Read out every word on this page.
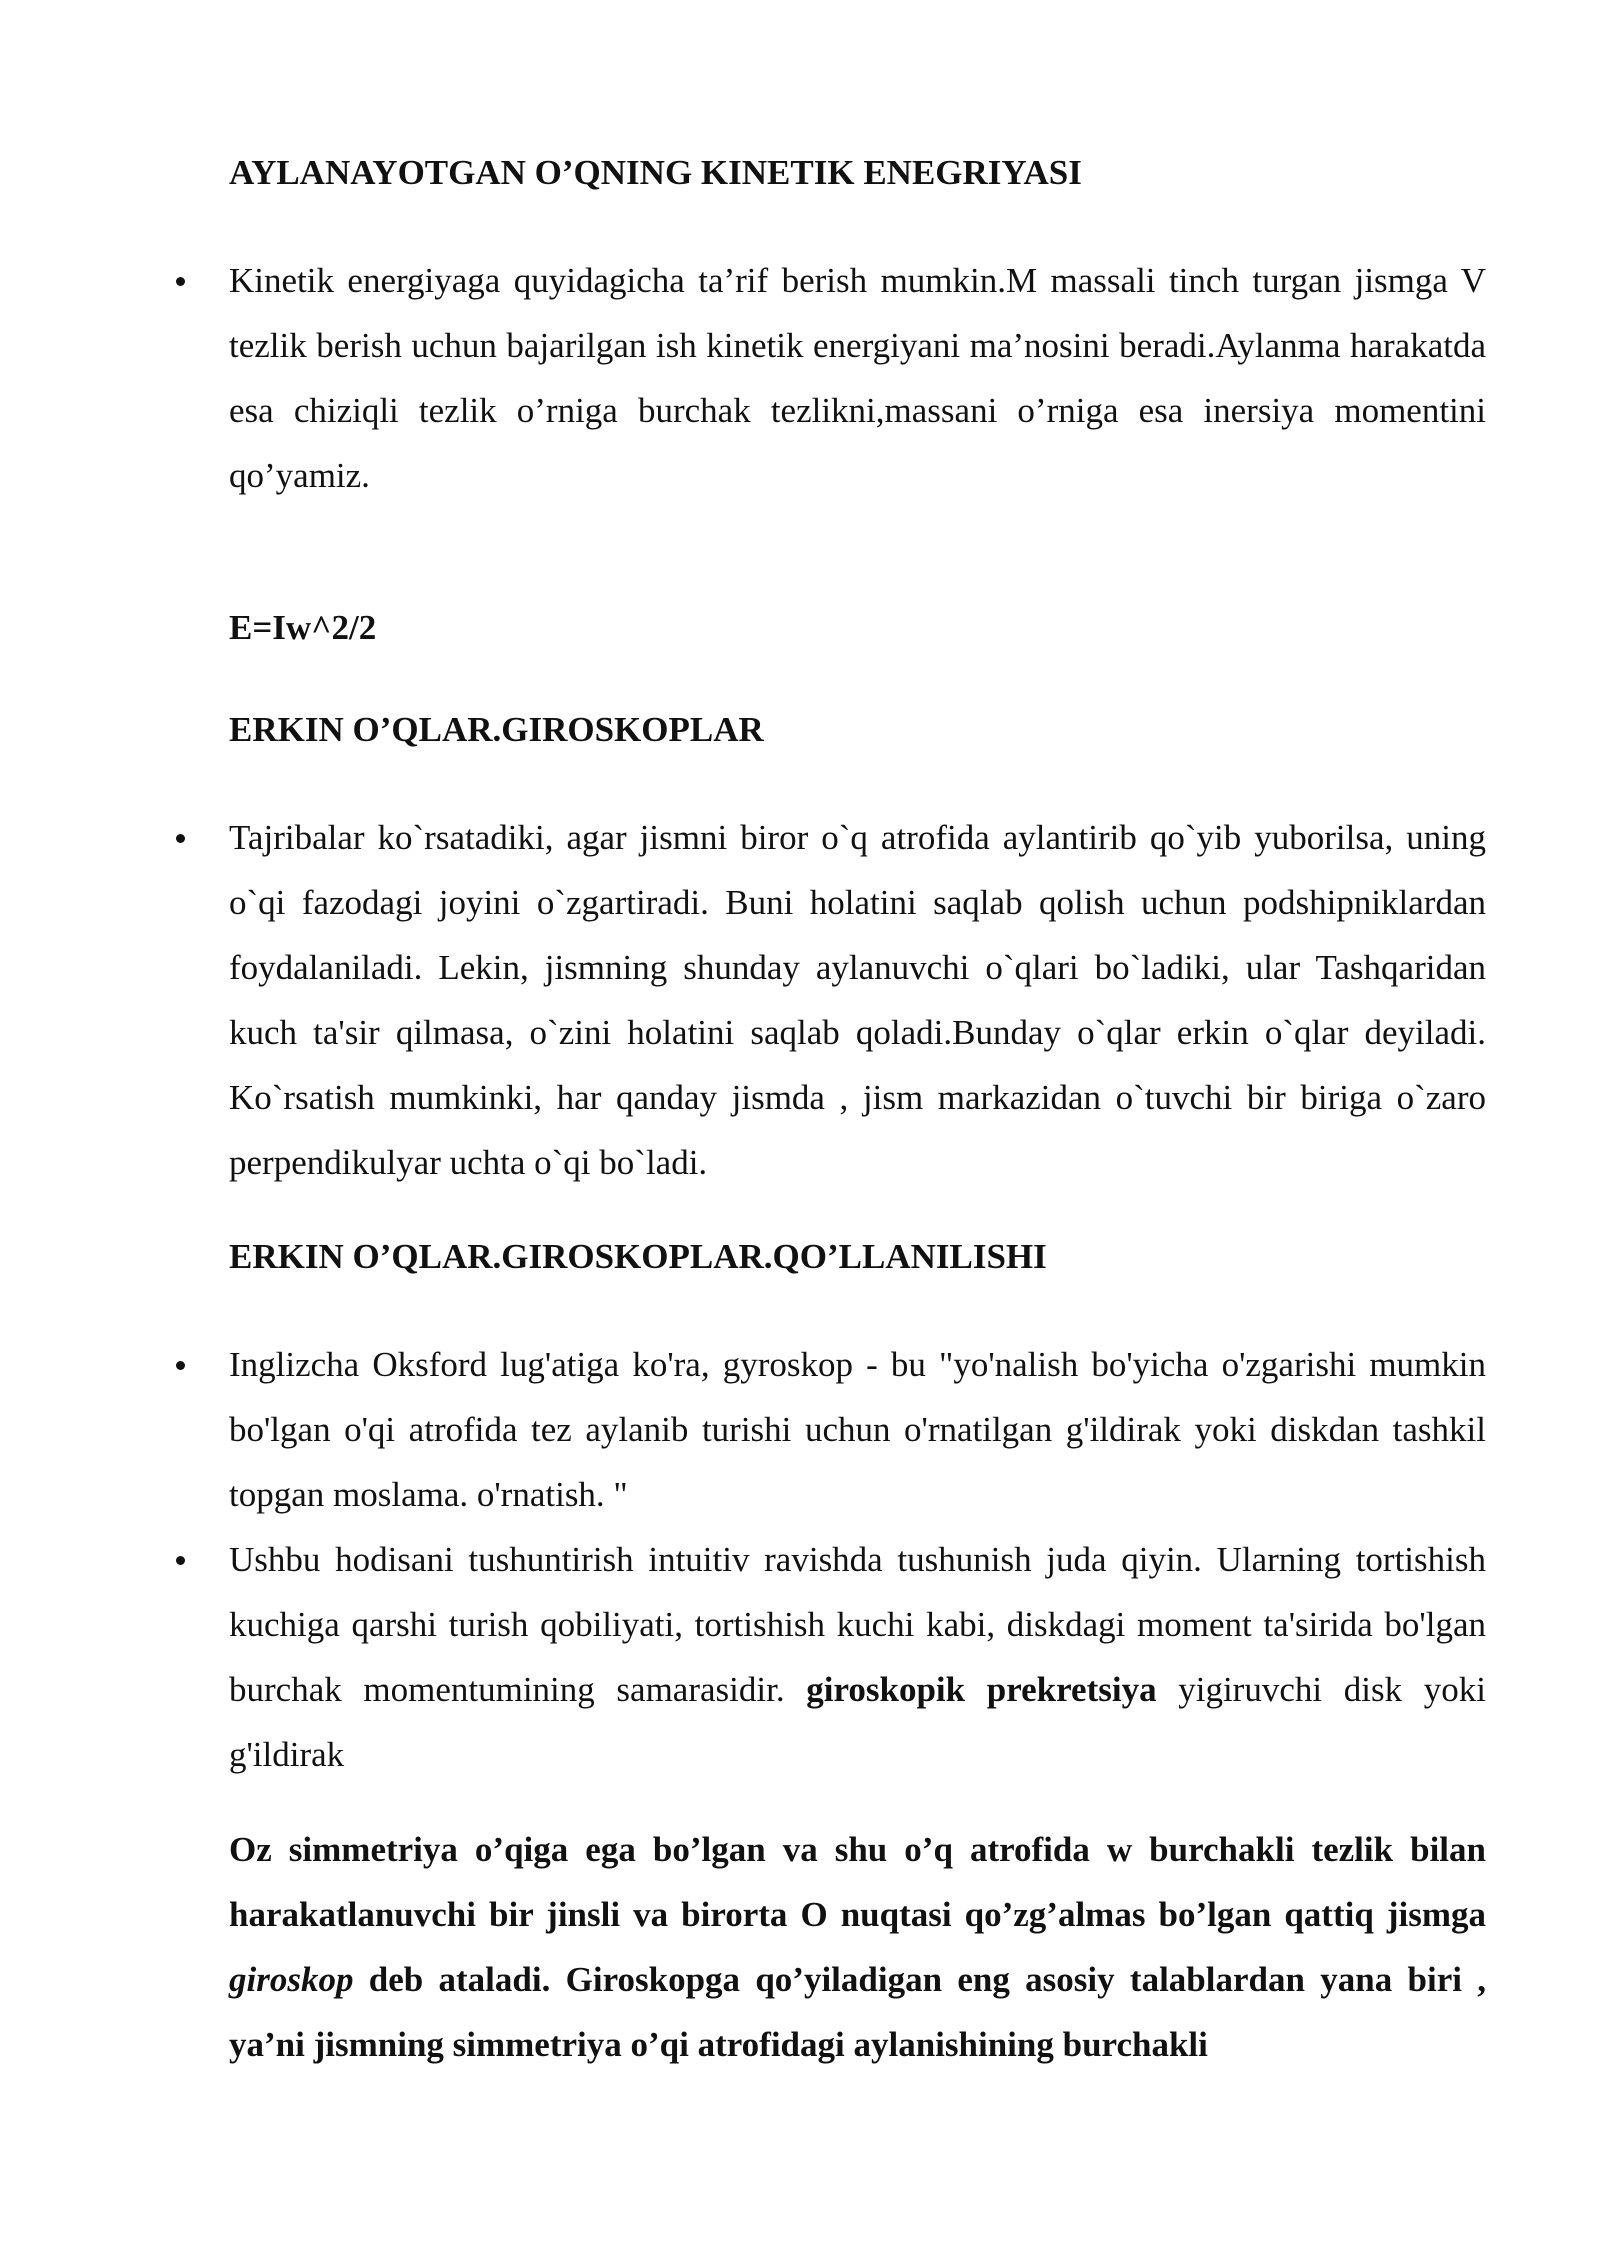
AYLANAYOTGAN O’QNING KINETIK ENEGRIYASI
Kinetik energiyaga quyidagicha ta’rif berish mumkin.M massali tinch turgan jismga V tezlik berish uchun bajarilgan ish kinetik energiyani ma’nosini beradi.Aylanma harakatda esa chiziqli tezlik o’rniga burchak tezlikni,massani o’rniga esa inersiya momentini qo’yamiz.
E=Iw^2/2
ERKIN O’QLAR.GIROSKOPLAR
Tajribalar ko`rsatadiki, agar jismni biror o`q atrofida aylantirib qo`yib yuborilsa, uning o`qi fazodagi joyini o`zgartiradi. Buni holatini saqlab qolish uchun podshipniklardan foydalaniladi. Lekin, jismning shunday aylanuvchi o`qlari bo`ladiki, ular Tashqaridan kuch ta'sir qilmasa, o`zini holatini saqlab qoladi.Bunday o`qlar erkin o`qlar deyiladi. Ko`rsatish mumkinki, har qanday jismda , jism markazidan o`tuvchi bir biriga o`zaro perpendikulyar uchta o`qi bo`ladi.
ERKIN O’QLAR.GIROSKOPLAR.QO’LLANILISHI
Inglizcha Oksford lug'atiga ko'ra, gyroskop - bu "yo'nalish bo'yicha o'zgarishi mumkin bo'lgan o'qi atrofida tez aylanib turishi uchun o'rnatilgan g'ildirak yoki diskdan tashkil topgan moslama. o'rnatish. "
Ushbu hodisani tushuntirish intuitiv ravishda tushunish juda qiyin. Ularning tortishish kuchiga qarshi turish qobiliyati, tortishish kuchi kabi, diskdagi moment ta'sirida bo'lgan burchak momentumining samarasidir. giroskopik prekretsiya yigiruvchi disk yoki g'ildirak

Oz simmetriya o’qiga ega bo’lgan va shu o’q atrofida w burchakli tezlik bilan harakatlanuvchi bir jinsli va birorta O nuqtasi qo’zg’almas bo’lgan qattiq jismga giroskop deb ataladi. Giroskopga qo’yiladigan eng asosiy talablardan yana biri , ya’ni jismning simmetriya o’qi atrofidagi aylanishining burchakli
